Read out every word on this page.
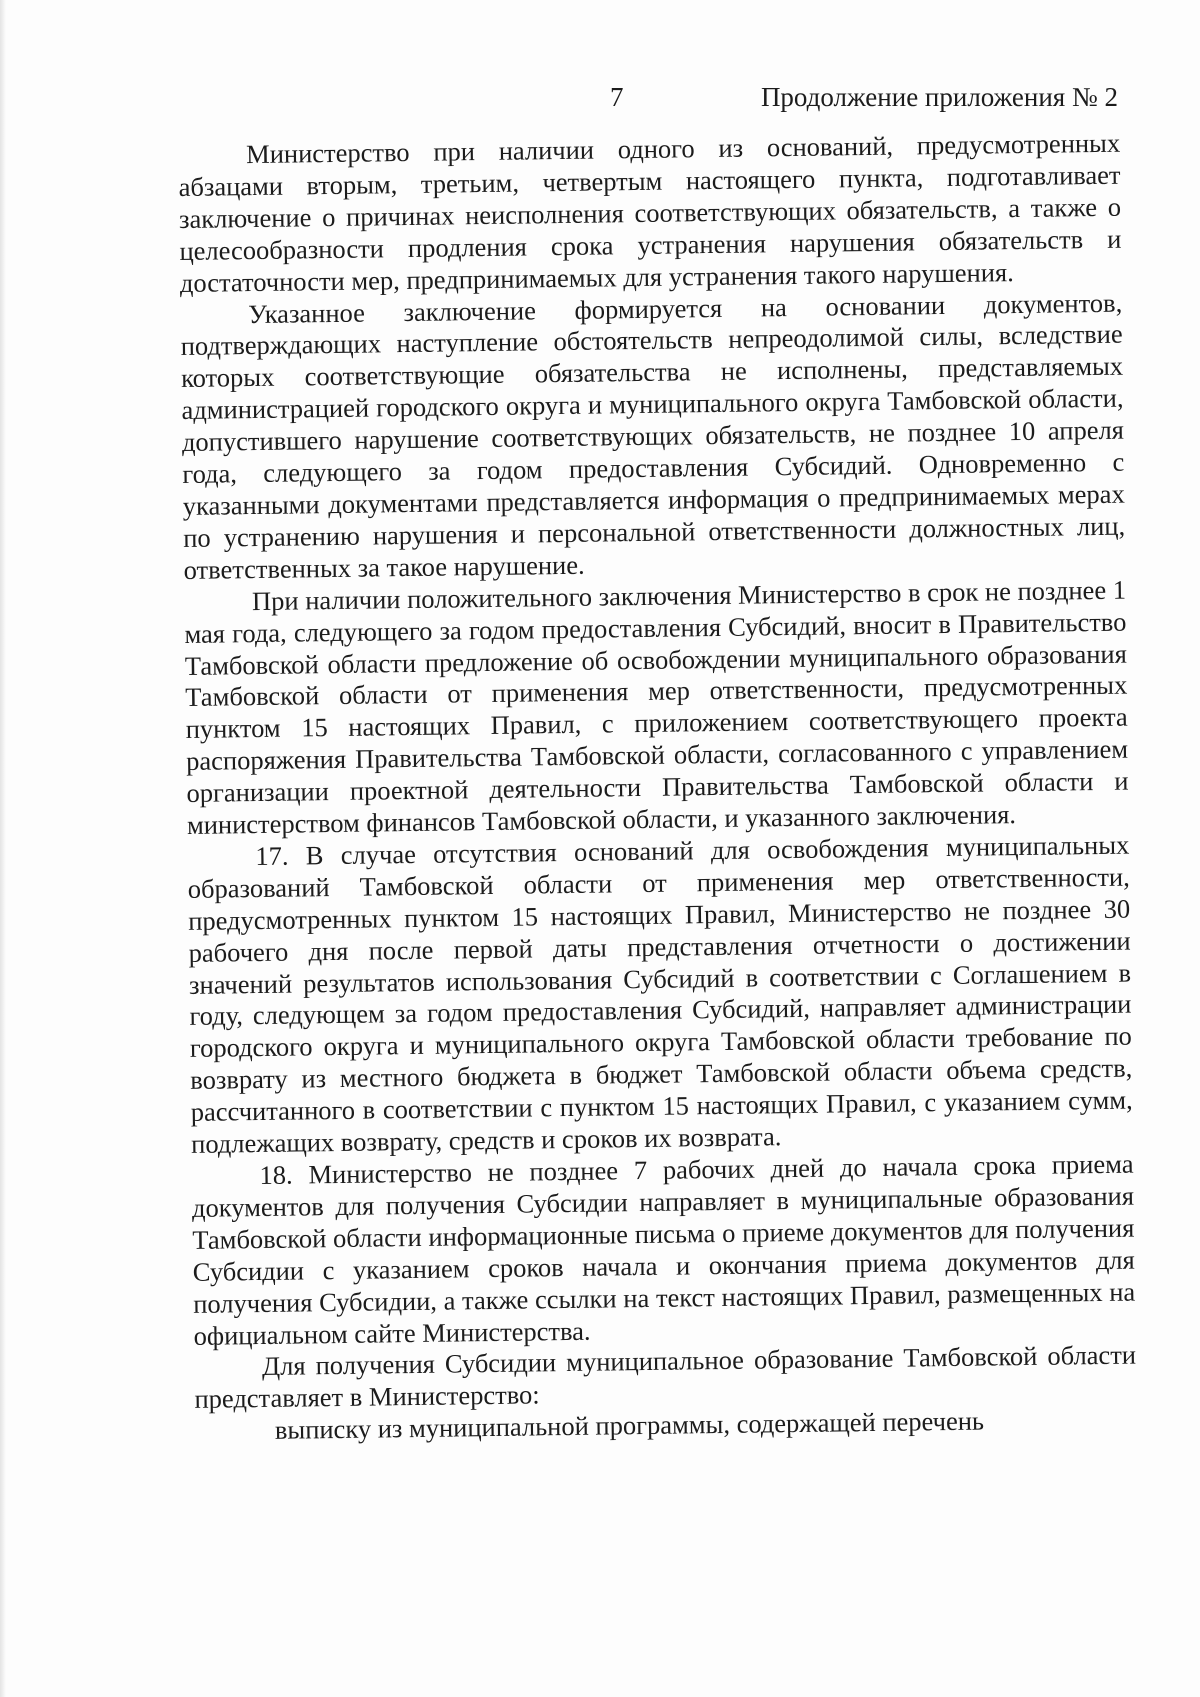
7	Продолжение приложения № 2

Министерство при наличии одного из оснований, предусмотренных абзацами вторым, третьим, четвертым настоящего пункта, подготавливает заключение о причинах неисполнения соответствующих обязательств, а также о целесообразности продления срока устранения нарушения обязательств и достаточности мер, предпринимаемых для устранения такого нарушения.

Указанное заключение формируется на основании документов, подтверждающих наступление обстоятельств непреодолимой силы, вследствие которых соответствующие обязательства не исполнены, представляемых администрацией городского округа и муниципального округа Тамбовской области, допустившего нарушение соответствующих обязательств, не позднее 10 апреля года, следующего за годом предоставления Субсидий. Одновременно с указанными документами представляется информация о предпринимаемых мерах по устранению нарушения и персональной ответственности должностных лиц, ответственных за такое нарушение.

При наличии положительного заключения Министерство в срок не позднее 1 мая года, следующего за годом предоставления Субсидий, вносит в Правительство Тамбовской области предложение об освобождении муниципального образования Тамбовской области от применения мер ответственности, предусмотренных пунктом 15 настоящих Правил, с приложением соответствующего проекта распоряжения Правительства Тамбовской области, согласованного с управлением организации проектной деятельности Правительства Тамбовской области и министерством финансов Тамбовской области, и указанного заключения.

17. В случае отсутствия оснований для освобождения муниципальных образований Тамбовской области от применения мер ответственности, предусмотренных пунктом 15 настоящих Правил, Министерство не позднее 30 рабочего дня после первой даты представления отчетности о достижении значений результатов использования Субсидий в соответствии с Соглашением в году, следующем за годом предоставления Субсидий, направляет администрации городского округа и муниципального округа Тамбовской области требование по возврату из местного бюджета в бюджет Тамбовской области объема средств, рассчитанного в соответствии с пунктом 15 настоящих Правил, с указанием сумм, подлежащих возврату, средств и сроков их возврата.

18. Министерство не позднее 7 рабочих дней до начала срока приема документов для получения Субсидии направляет в муниципальные образования Тамбовской области информационные письма о приеме документов для получения Субсидии с указанием сроков начала и окончания приема документов для получения Субсидии, а также ссылки на текст настоящих Правил, размещенных на официальном сайте Министерства.

Для получения Субсидии муниципальное образование Тамбовской области представляет в Министерство:

выписку из муниципальной программы, содержащей перечень
